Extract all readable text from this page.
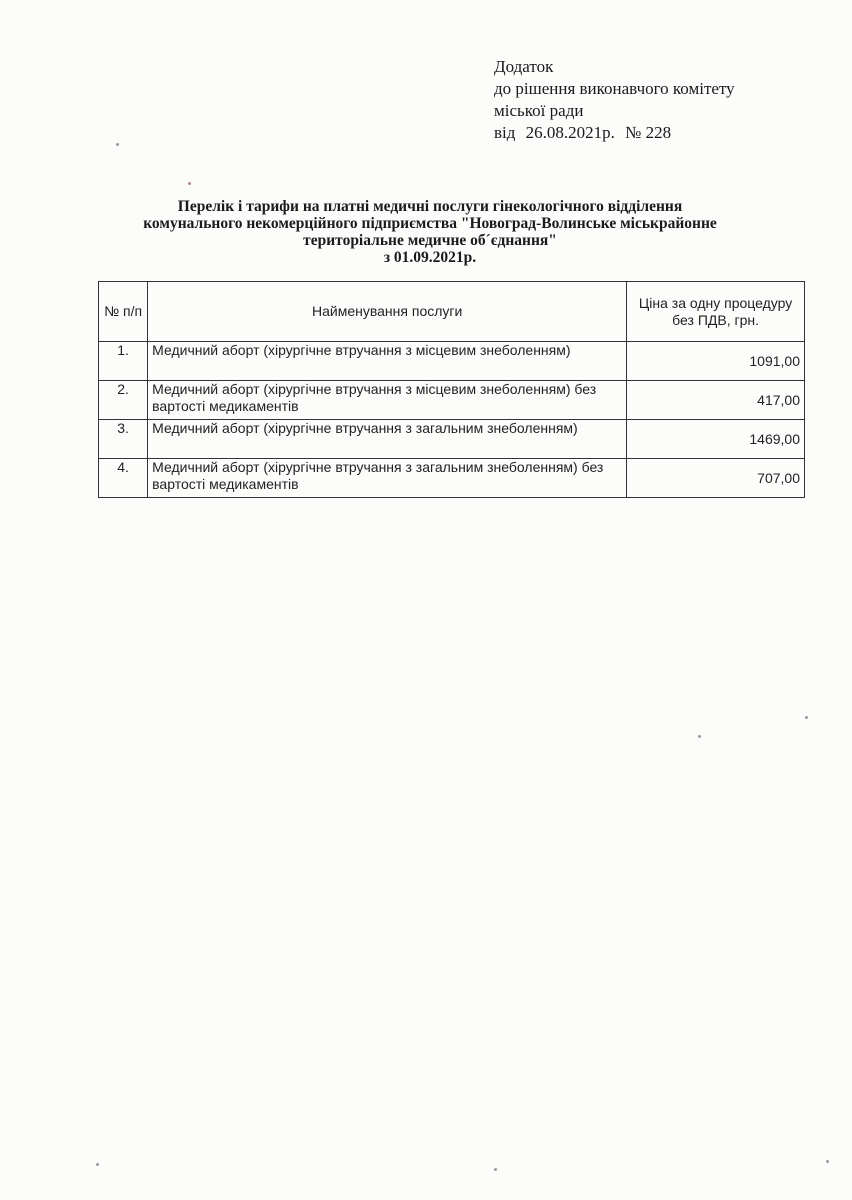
Додаток
до рішення виконавчого комітету
міської ради
від 26.08.2021р. № 228
Перелік і тарифи на платні медичні послуги гінекологічного відділення
комунального некомерційного підприємства "Новоград-Волинське міськрайонне
територіальне медичне об´єднання"
з 01.09.2021р.
№ п/п	Найменування послуги	Ціна за одну процедуру без ПДВ, грн.
1.	Медичний аборт (хірургічне втручання з місцевим знеболенням)	1091,00
2.	Медичний аборт (хірургічне втручання з місцевим знеболенням) без вартості медикаментів	417,00
3.	Медичний аборт (хірургічне втручання з загальним знеболенням)	1469,00
4.	Медичний аборт (хірургічне втручання з загальним знеболенням) без вартості медикаментів	707,00
